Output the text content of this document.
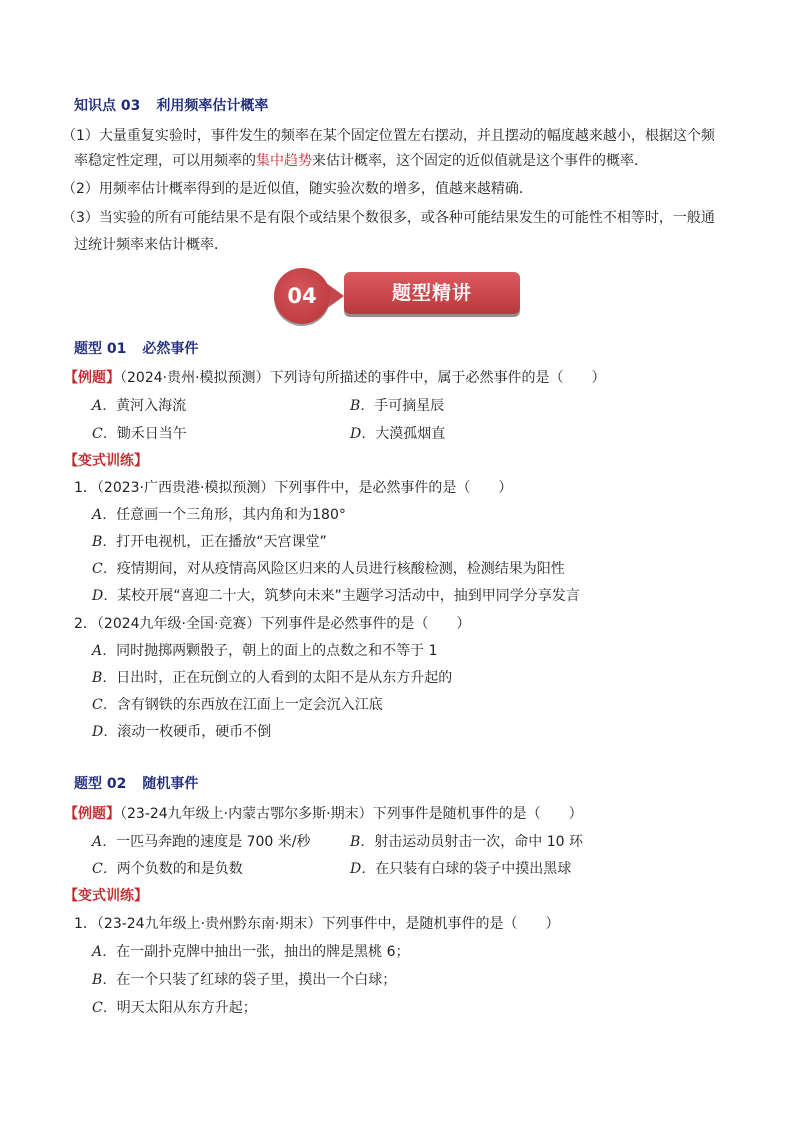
知识点 03 利用频率估计概率
（1）大量重复实验时，事件发生的频率在某个固定位置左右摆动，并且摆动的幅度越来越小，根据这个频
率稳定性定理，可以用频率的集中趋势来估计概率，这个固定的近似值就是这个事件的概率．
（2）用频率估计概率得到的是近似值，随实验次数的增多，值越来越精确．
（3）当实验的所有可能结果不是有限个或结果个数很多，或各种可能结果发生的可能性不相等时，一般通
过统计频率来估计概率．
题型精讲
04
题型 01 必然事件
【例题】（2024·贵州·模拟预测）下列诗句所描述的事件中，属于必然事件的是（　　）
A．黄河入海流	B．手可摘星辰
C．锄禾日当午	D．大漠孤烟直
【变式训练】
1．（2023·广西贵港·模拟预测）下列事件中，是必然事件的是（　　）
A．任意画一个三角形，其内角和为180°
B．打开电视机，正在播放“天宫课堂”
C．疫情期间，对从疫情高风险区归来的人员进行核酸检测，检测结果为阳性
D．某校开展“喜迎二十大，筑梦向未来”主题学习活动中，抽到甲同学分享发言
2．（2024九年级·全国·竞赛）下列事件是必然事件的是（　　）
A．同时抛掷两颗骰子，朝上的面上的点数之和不等于 1
B．日出时，正在玩倒立的人看到的太阳不是从东方升起的
C．含有钢铁的东西放在江面上一定会沉入江底
D．滚动一枚硬币，硬币不倒
题型 02 随机事件
【例题】（23-24九年级上·内蒙古鄂尔多斯·期末）下列事件是随机事件的是（　　）
A．一匹马奔跑的速度是 700 米/秒	B．射击运动员射击一次，命中 10 环
C．两个负数的和是负数	D．在只装有白球的袋子中摸出黑球
【变式训练】
1．（23-24九年级上·贵州黔东南·期末）下列事件中，是随机事件的是（　　）
A．在一副扑克牌中抽出一张，抽出的牌是黑桃 6；
B．在一个只装了红球的袋子里，摸出一个白球；
C．明天太阳从东方升起；
